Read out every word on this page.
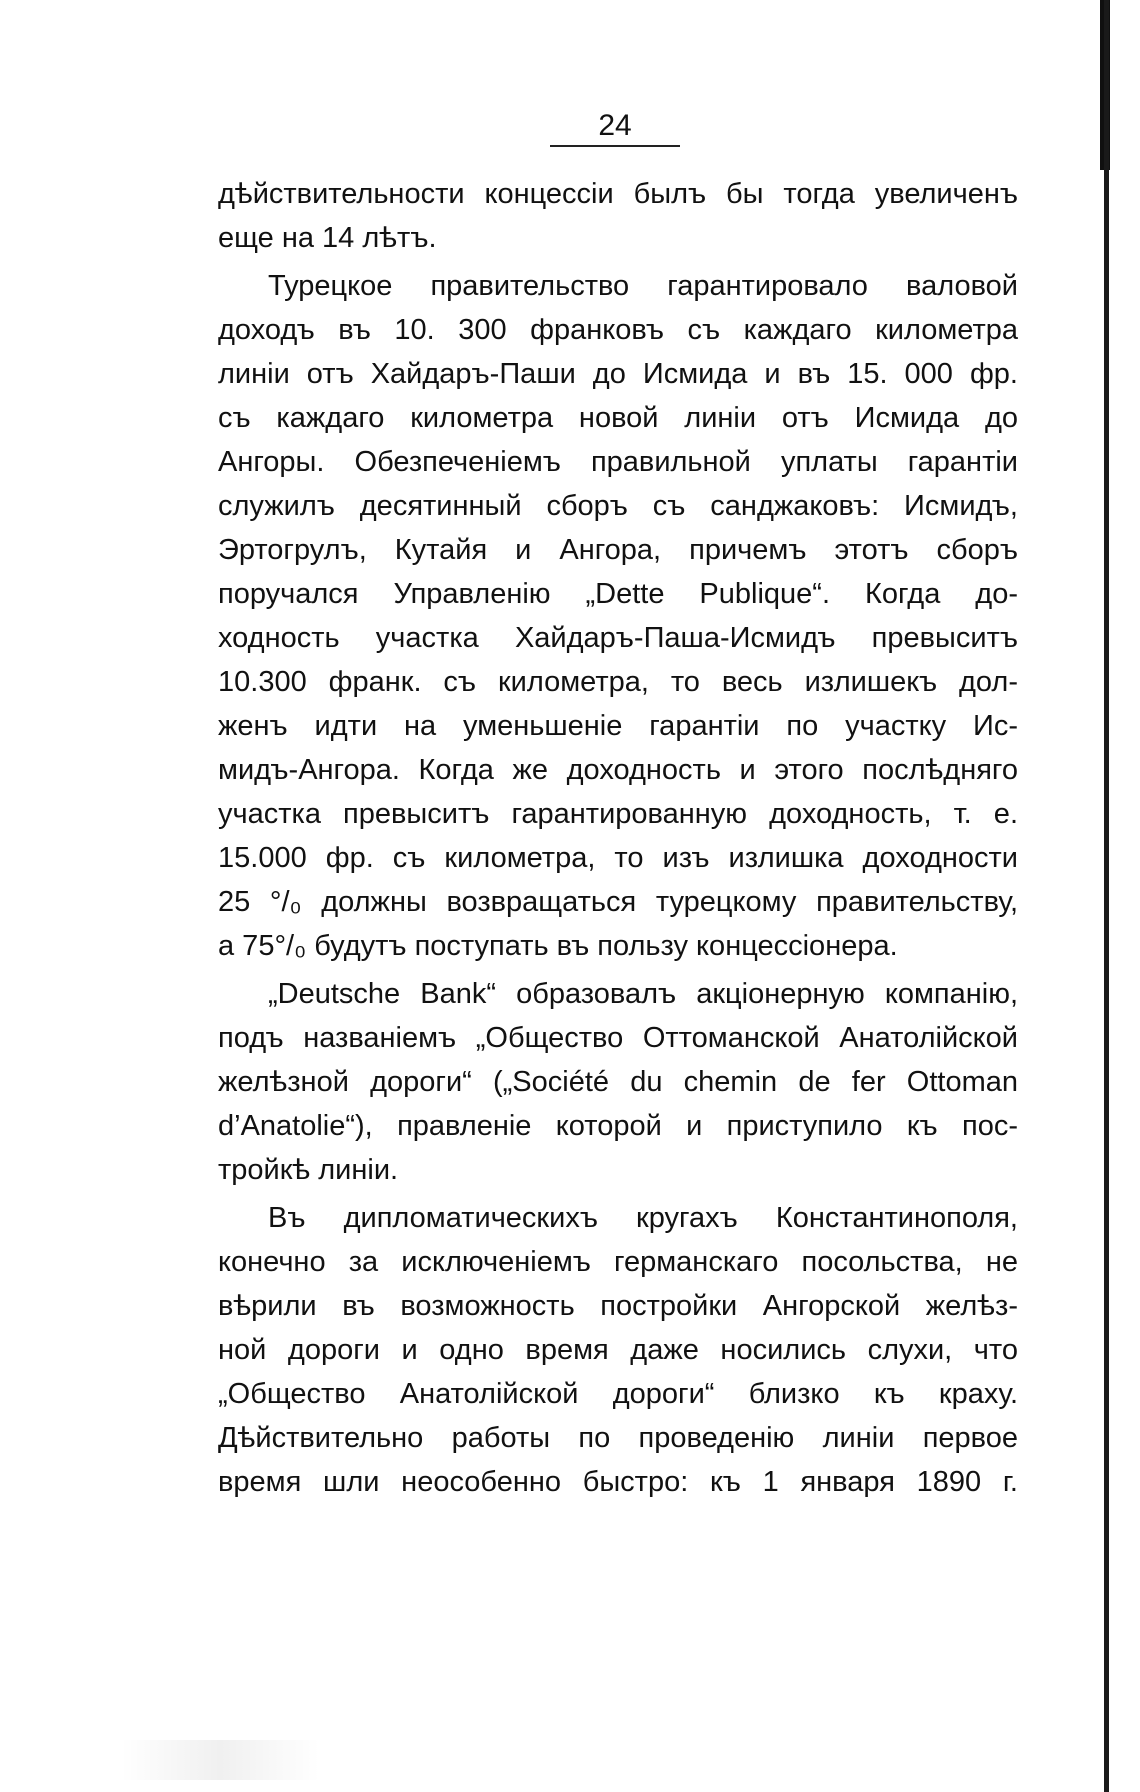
24
дѣйствительности концессіи былъ бы тогда увеличенъ
еще на 14 лѣтъ.
Турецкое правительство гарантировало валовой
доходъ въ 10. 300 франковъ съ каждаго километра
линіи отъ Хайдаръ-Паши до Исмида и въ 15. 000 фр.
съ каждаго километра новой линіи отъ Исмида до
Ангоры. Обезпеченіемъ правильной уплаты гарантіи
служилъ десятинный сборъ съ санджаковъ: Исмидъ,
Эртогрулъ, Кутайя и Ангора, причемъ этотъ сборъ
поручался Управленію „Dette Publique“. Когда до-
ходность участка Хайдаръ-Паша-Исмидъ превыситъ
10.300 франк. съ километра, то весь излишекъ дол-
женъ идти на уменьшеніе гарантіи по участку Ис-
мидъ-Ангора. Когда же доходность и этого послѣдняго
участка превыситъ гарантированную доходность, т. е.
15.000 фр. съ километра, то изъ излишка доходности
25 °/₀ должны возвращаться турецкому правительству,
а 75°/₀ будутъ поступать въ пользу концессіонера.
„Deutsche Bank“ образовалъ акціонерную компанію,
подъ названіемъ „Общество Оттоманской Анатолійской
желѣзной дороги“ („Société du chemin de fer Ottoman
d’Anatolie“), правленіе которой и приступило къ пос-
тройкѣ линіи.
Въ дипломатическихъ кругахъ Константинополя,
конечно за исключеніемъ германскаго посольства, не
вѣрили въ возможность постройки Ангорской желѣз-
ной дороги и одно время даже носились слухи, что
„Общество Анатолійской дороги“ близко къ краху.
Дѣйствительно работы по проведенію линіи первое
время шли неособенно быстро: къ 1 января 1890 г.
